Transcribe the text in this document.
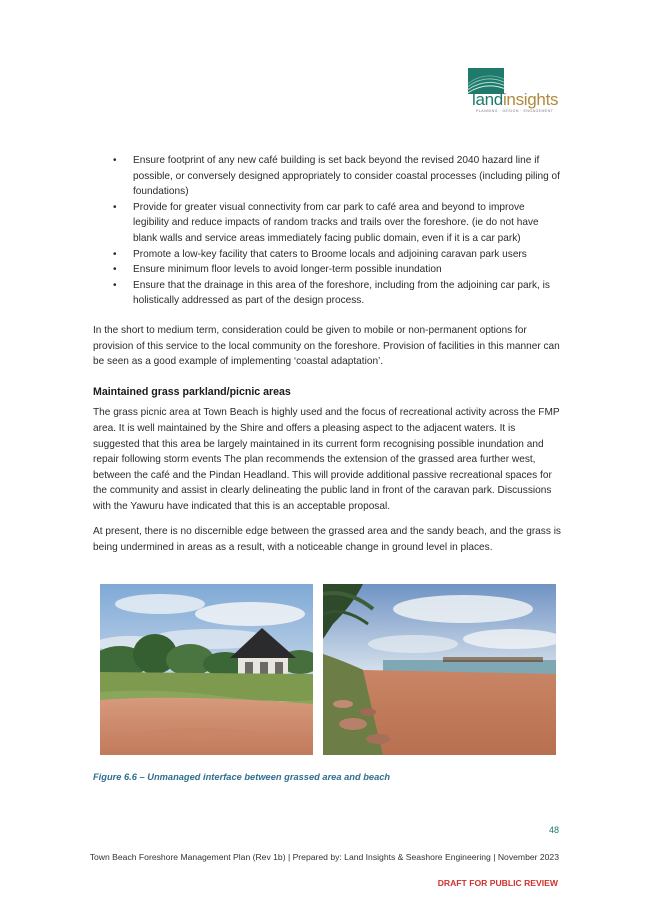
landinsights
PLANNING · DESIGN · ENGAGEMENT
• Ensure footprint of any new café building is set back beyond the revised 2040 hazard line if possible, or conversely designed appropriately to consider coastal processes (including piling of foundations)
• Provide for greater visual connectivity from car park to café area and beyond to improve legibility and reduce impacts of random tracks and trails over the foreshore. (ie do not have blank walls and service areas immediately facing public domain, even if it is a car park)
• Promote a low-key facility that caters to Broome locals and adjoining caravan park users
• Ensure minimum floor levels to avoid longer-term possible inundation
• Ensure that the drainage in this area of the foreshore, including from the adjoining car park, is holistically addressed as part of the design process.

In the short to medium term, consideration could be given to mobile or non-permanent options for provision of this service to the local community on the foreshore. Provision of facilities in this manner can be seen as a good example of implementing ‘coastal adaptation’.

Maintained grass parkland/picnic areas

The grass picnic area at Town Beach is highly used and the focus of recreational activity across the FMP area. It is well maintained by the Shire and offers a pleasing aspect to the adjacent waters. It is suggested that this area be largely maintained in its current form recognising possible inundation and repair following storm events The plan recommends the extension of the grassed area further west, between the café and the Pindan Headland. This will provide additional passive recreational spaces for the community and assist in clearly delineating the public land in front of the caravan park. Discussions with the Yawuru have indicated that this is an acceptable proposal.

At present, there is no discernible edge between the grassed area and the sandy beach, and the grass is being undermined in areas as a result, with a noticeable change in ground level in places.

Figure 6.6 – Unmanaged interface between grassed area and beach
48
Town Beach Foreshore Management Plan (Rev 1b) | Prepared by: Land Insights & Seashore Engineering | November 2023
DRAFT FOR PUBLIC REVIEW
